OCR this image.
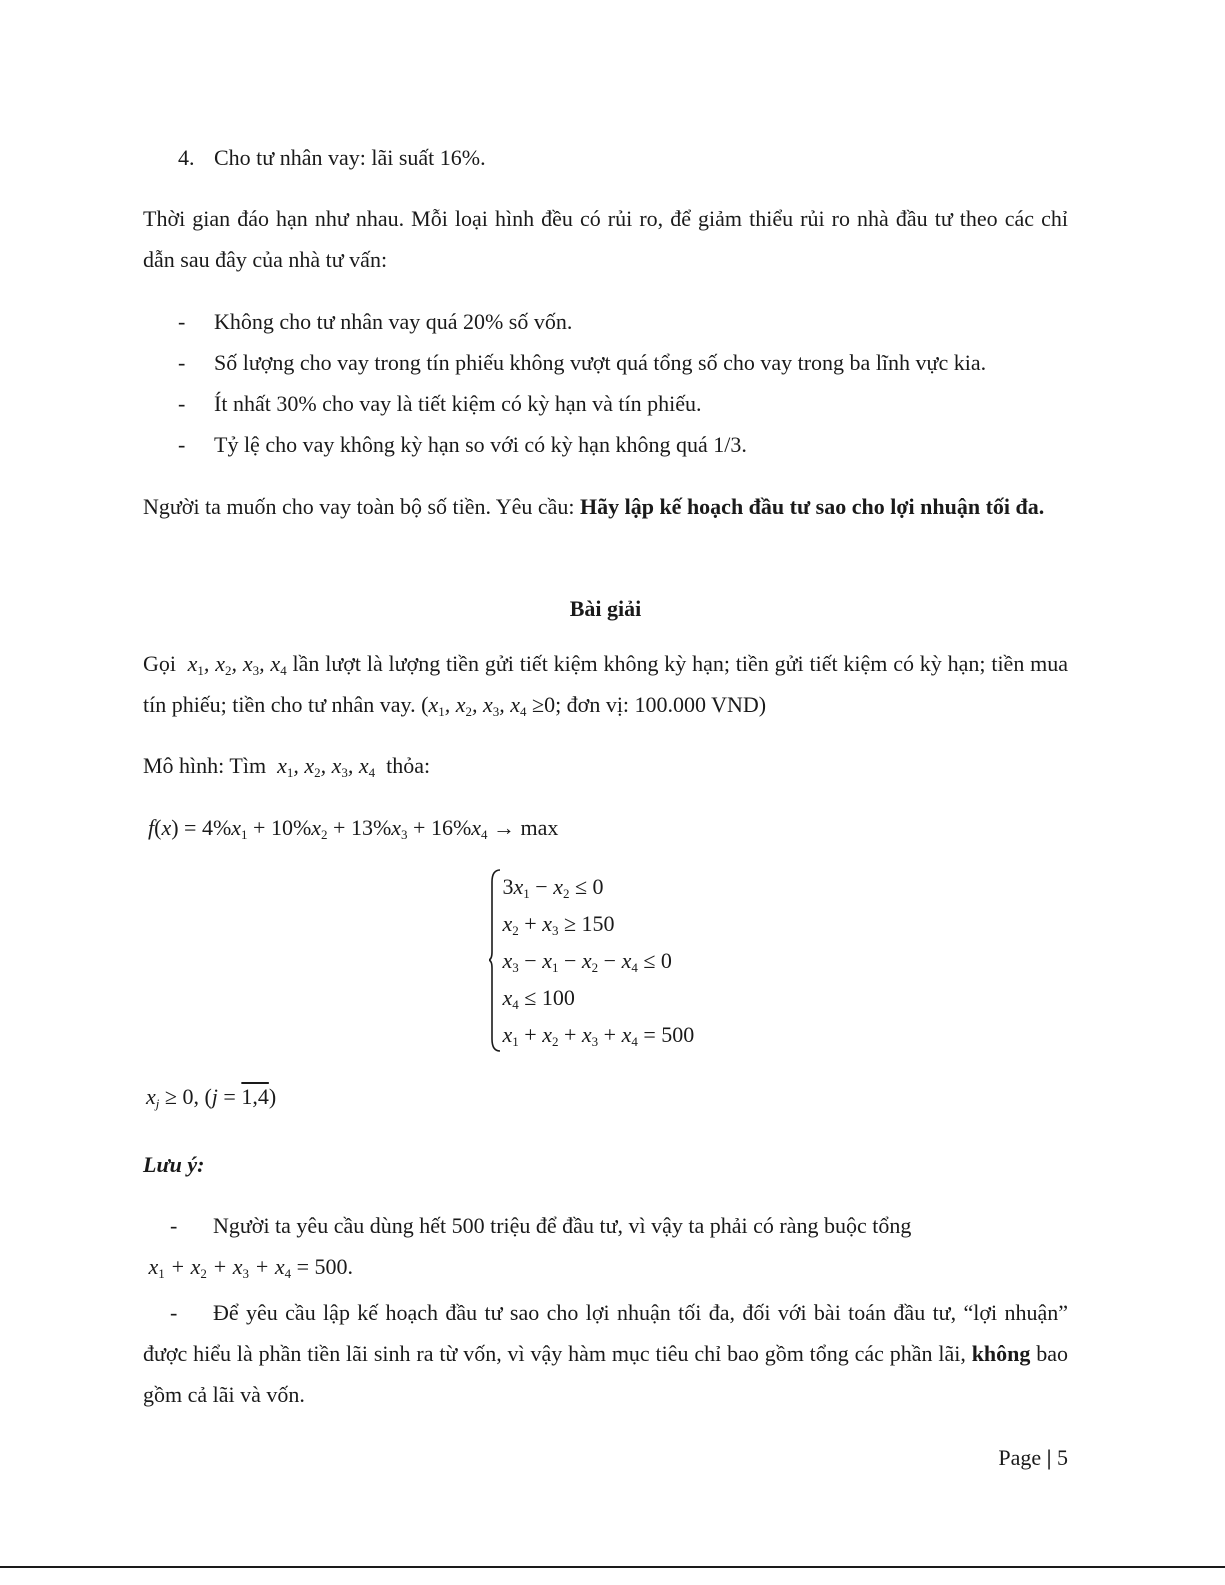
4. Cho tư nhân vay: lãi suất 16%.

Thời gian đáo hạn như nhau. Mỗi loại hình đều có rủi ro, để giảm thiểu rủi ro nhà đầu tư theo các chỉ dẫn sau đây của nhà tư vấn:

- Không cho tư nhân vay quá 20% số vốn.
- Số lượng cho vay trong tín phiếu không vượt quá tổng số cho vay trong ba lĩnh vực kia.
- Ít nhất 30% cho vay là tiết kiệm có kỳ hạn và tín phiếu.
- Tỷ lệ cho vay không kỳ hạn so với có kỳ hạn không quá 1/3.

Người ta muốn cho vay toàn bộ số tiền. Yêu cầu: Hãy lập kế hoạch đầu tư sao cho lợi nhuận tối đa.

Bài giải

Gọi $x_1$, $x_2$, $x_3$, $x_4$ lần lượt là lượng tiền gửi tiết kiệm không kỳ hạn; tiền gửi tiết kiệm có kỳ hạn; tiền mua tín phiếu; tiền cho tư nhân vay. ($x_1$, $x_2$, $x_3$, $x_4 \ge 0$; đơn vị: 100.000 VND)

Mô hình: Tìm $x_1$, $x_2$, $x_3$, $x_4$ thỏa:
$f(x) = 4\%x_1 + 10\%x_2 + 13\%x_3 + 16\%x_4 \to \max$
$3x_1 - x_2 \le 0$
$x_2 + x_3 \ge 150$
$x_3 - x_1 - x_2 - x_4 \le 0$
$x_4 \le 100$
$x_1 + x_2 + x_3 + x_4 = 500$
$x_j \ge 0$, (j = 1,4)
Lưu ý:

- Người ta yêu cầu dùng hết 500 triệu để đầu tư, vì vậy ta phải có ràng buộc tổng
$x_1 + x_2 + x_3 + x_4 = 500$.

- Để yêu cầu lập kế hoạch đầu tư sao cho lợi nhuận tối đa, đối với bài toán đầu tư, “lợi nhuận” được hiểu là phần tiền lãi sinh ra từ vốn, vì vậy hàm mục tiêu chỉ bao gồm tổng các phần lãi, không bao gồm cả lãi và vốn.

Page | 5
